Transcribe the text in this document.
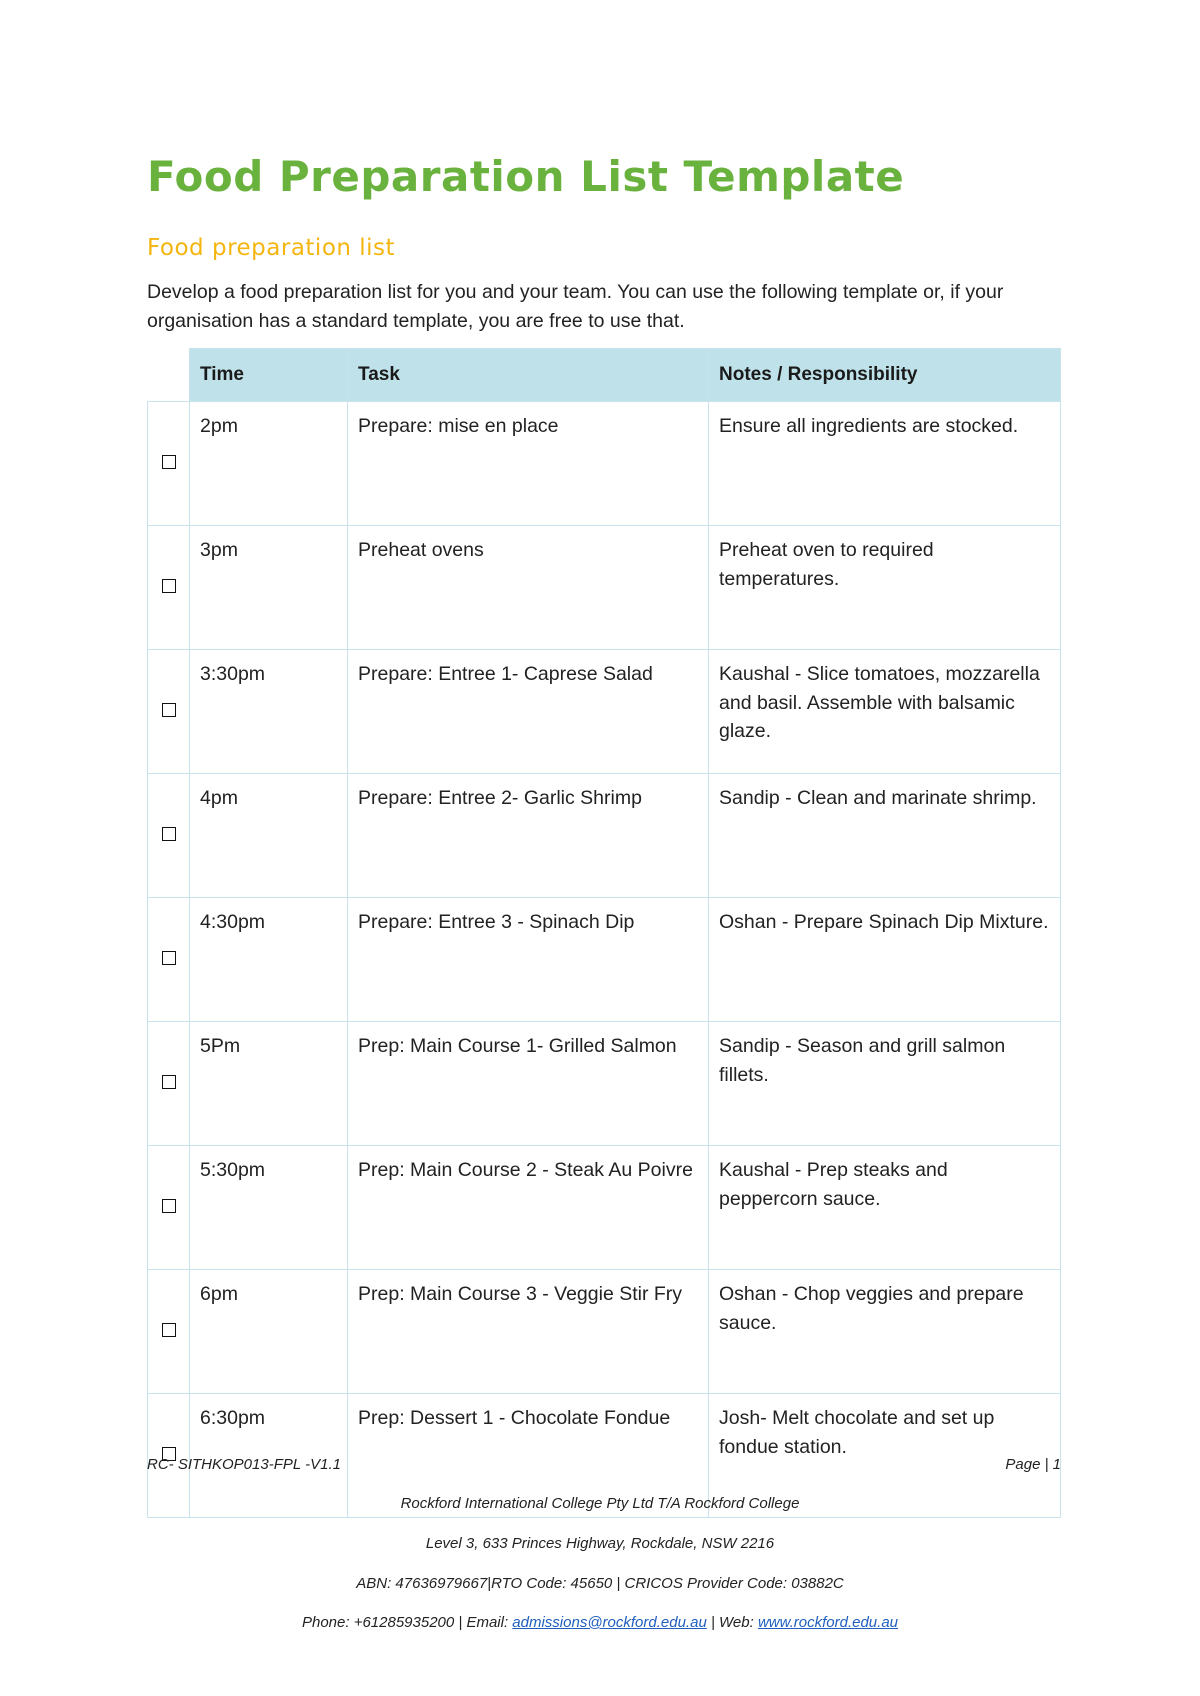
Food Preparation List Template
Food preparation list
Develop a food preparation list for you and your team. You can use the following template or, if your organisation has a standard template, you are free to use that.
	Time	Task	Notes / Responsibility
	2pm	Prepare: mise en place	Ensure all ingredients are stocked.
	3pm	Preheat ovens	Preheat oven to required temperatures.
	3:30pm	Prepare: Entree 1- Caprese Salad	Kaushal - Slice tomatoes, mozzarella and basil. Assemble with balsamic glaze.
	4pm	Prepare: Entree 2- Garlic Shrimp	Sandip - Clean and marinate shrimp.
	4:30pm	Prepare: Entree 3 - Spinach Dip	Oshan - Prepare Spinach Dip Mixture.
	5Pm	Prep: Main Course 1- Grilled Salmon	Sandip - Season and grill salmon fillets.
	5:30pm	Prep: Main Course 2 - Steak Au Poivre	Kaushal - Prep steaks and peppercorn sauce.
	6pm	Prep: Main Course 3 - Veggie Stir Fry	Oshan - Chop veggies and prepare sauce.
	6:30pm	Prep: Dessert 1 - Chocolate Fondue	Josh- Melt chocolate and set up fondue station.
RC- SITHKOP013-FPL -V1.1	Page | 1
Rockford International College Pty Ltd T/A Rockford College
Level 3, 633 Princes Highway, Rockdale, NSW 2216
ABN: 47636979667|RTO Code: 45650 | CRICOS Provider Code: 03882C
Phone: +61285935200 | Email: admissions@rockford.edu.au | Web: www.rockford.edu.au
